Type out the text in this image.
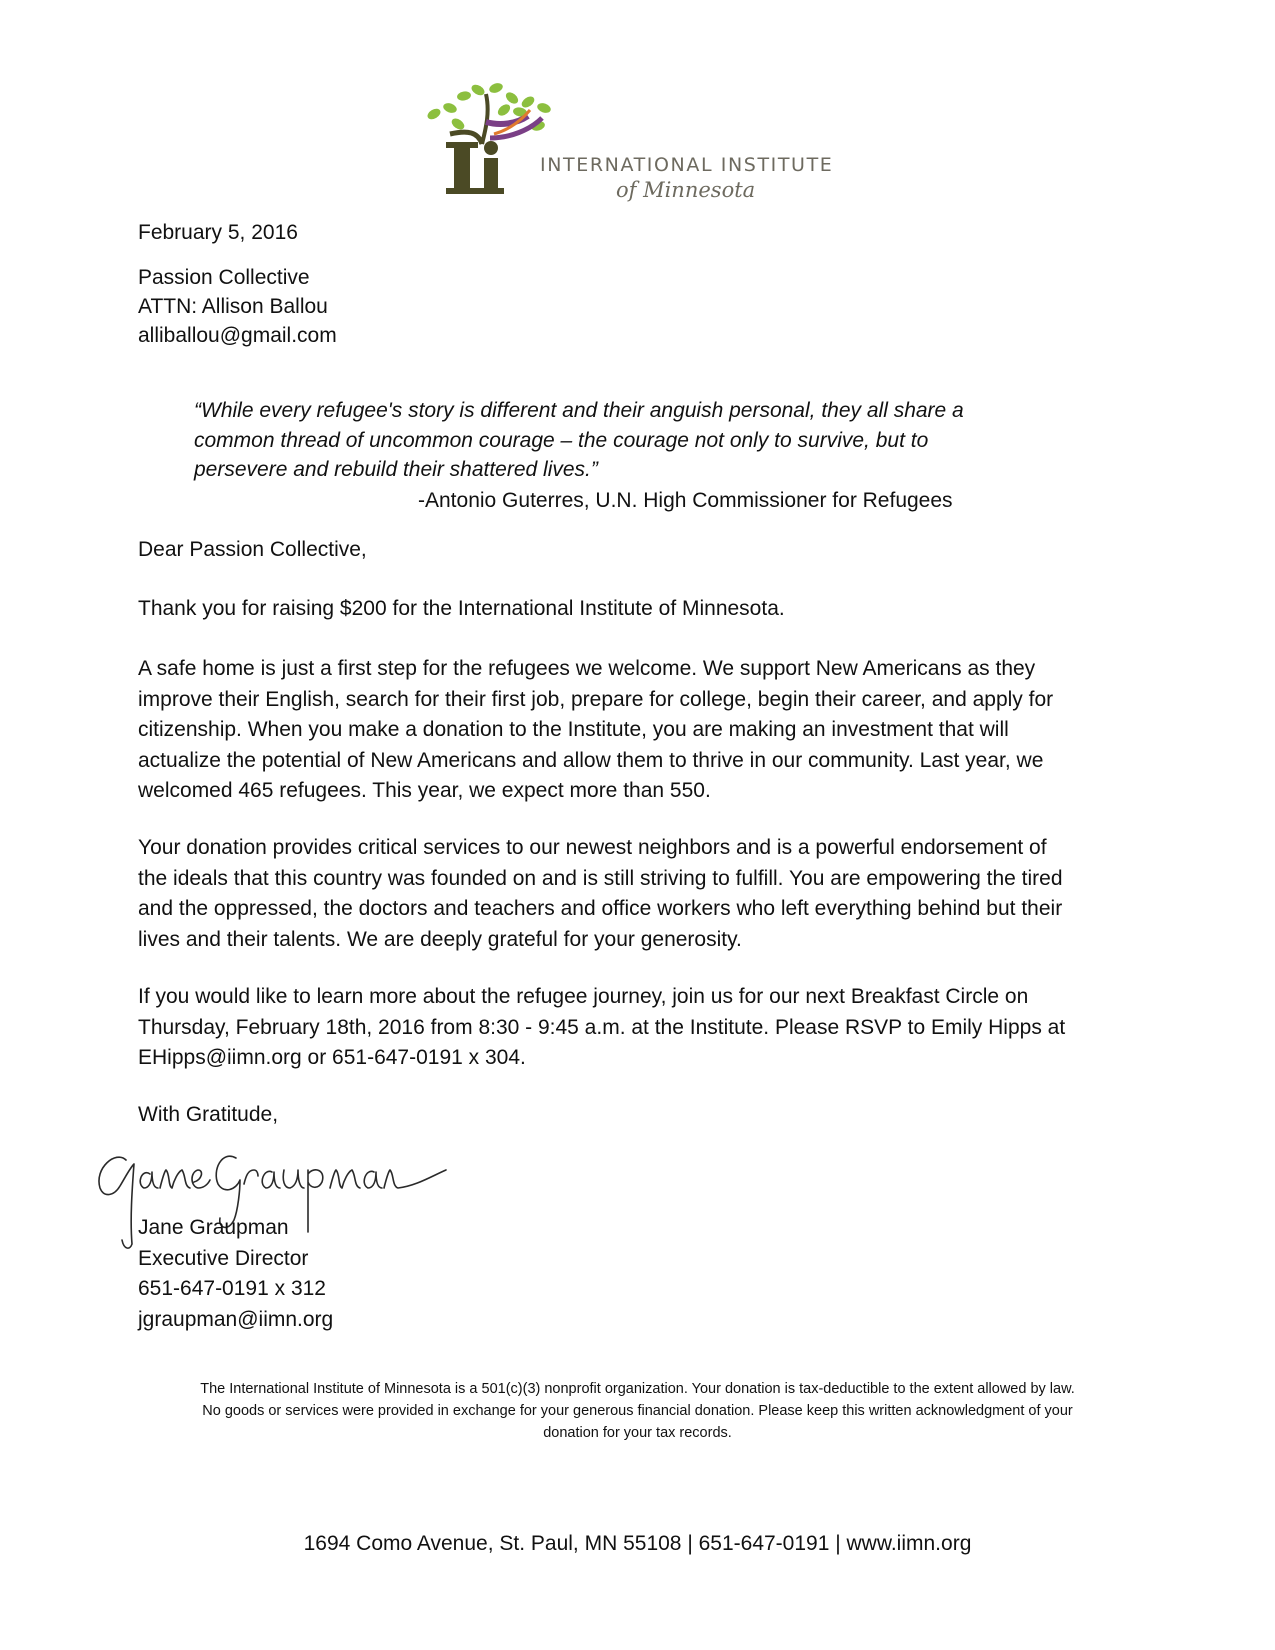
INTERNATIONAL INSTITUTE
of Minnesota
February 5, 2016
Passion Collective
ATTN: Allison Ballou
alliballou@gmail.com
“While every refugee's story is different and their anguish personal, they all share a
common thread of uncommon courage – the courage not only to survive, but to
persevere and rebuild their shattered lives.”
-Antonio Guterres, U.N. High Commissioner for Refugees
Dear Passion Collective,
Thank you for raising $200 for the International Institute of Minnesota.
A safe home is just a first step for the refugees we welcome. We support New Americans as they
improve their English, search for their first job, prepare for college, begin their career, and apply for
citizenship. When you make a donation to the Institute, you are making an investment that will
actualize the potential of New Americans and allow them to thrive in our community. Last year, we
welcomed 465 refugees. This year, we expect more than 550.
Your donation provides critical services to our newest neighbors and is a powerful endorsement of
the ideals that this country was founded on and is still striving to fulfill. You are empowering the tired
and the oppressed, the doctors and teachers and office workers who left everything behind but their
lives and their talents. We are deeply grateful for your generosity.
If you would like to learn more about the refugee journey, join us for our next Breakfast Circle on
Thursday, February 18th, 2016 from 8:30 - 9:45 a.m. at the Institute. Please RSVP to Emily Hipps at
EHipps@iimn.org or 651-647-0191 x 304.
With Gratitude,
Jane Graupman
Executive Director
651-647-0191 x 312
jgraupman@iimn.org
The International Institute of Minnesota is a 501(c)(3) nonprofit organization. Your donation is tax-deductible to the extent allowed by law.
No goods or services were provided in exchange for your generous financial donation. Please keep this written acknowledgment of your
donation for your tax records.
1694 Como Avenue, St. Paul, MN 55108 | 651-647-0191 | www.iimn.org
